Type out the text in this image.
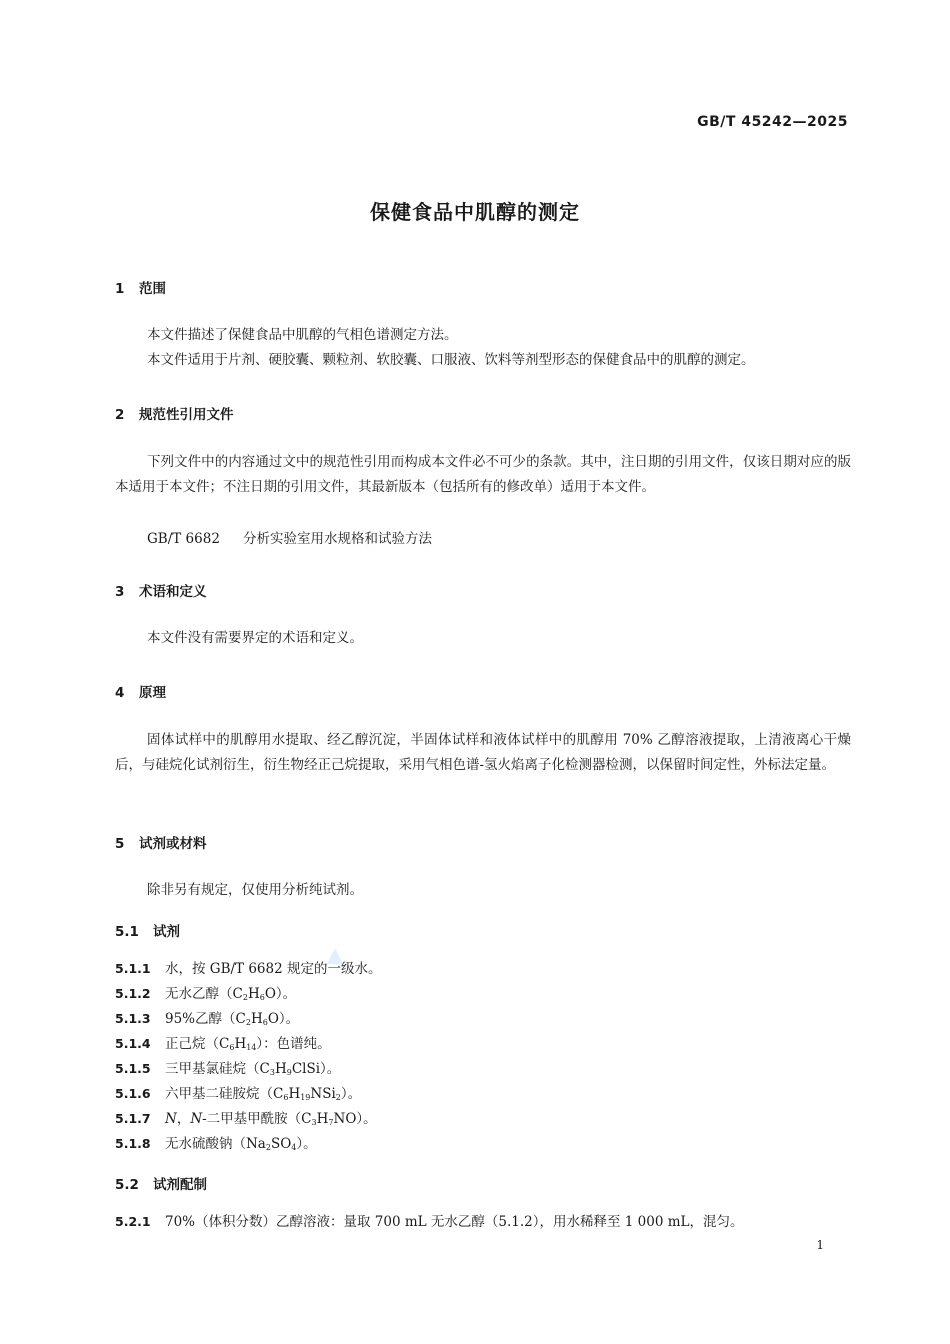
GB/T 45242—2025
保健食品中肌醇的测定
1 范围
本文件描述了保健食品中肌醇的气相色谱测定方法。
本文件适用于片剂、硬胶囊、颗粒剂、软胶囊、口服液、饮料等剂型形态的保健食品中的肌醇的测定。
2 规范性引用文件
下列文件中的内容通过文中的规范性引用而构成本文件必不可少的条款。其中，注日期的引用文件，仅该日期对应的版本适用于本文件；不注日期的引用文件，其最新版本（包括所有的修改单）适用于本文件。
GB/T 6682 分析实验室用水规格和试验方法
3 术语和定义
本文件没有需要界定的术语和定义。
4 原理
固体试样中的肌醇用水提取、经乙醇沉淀，半固体试样和液体试样中的肌醇用 70% 乙醇溶液提取，上清液离心干燥后，与硅烷化试剂衍生，衍生物经正己烷提取，采用气相色谱-氢火焰离子化检测器检测，以保留时间定性，外标法定量。
5 试剂或材料
除非另有规定，仅使用分析纯试剂。
5.1 试剂
5.1.1 水，按 GB/T 6682 规定的一级水。
5.1.2 无水乙醇$(C_2H_6O)$。
5.1.3 95%乙醇$(C_2H_6O)$。
5.1.4 正己烷$(C_6H_{14})$：色谱纯。
5.1.5 三甲基氯硅烷$(C_3H_9ClSi)$。
5.1.6 六甲基二硅胺烷$(C_6H_{19}NSi_2)$。
5.1.7 N，N-二甲基甲酰胺$(C_3H_7NO)$。
5.1.8 无水硫酸钠$(Na_2SO_4)$。
5.2 试剂配制
5.2.1 70%（体积分数）乙醇溶液：量取 700 mL 无水乙醇（5.1.2），用水稀释至 1 000 mL，混匀。
1
